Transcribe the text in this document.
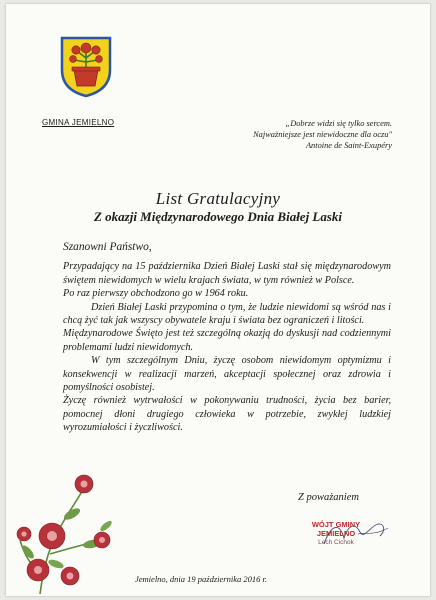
GMINA JEMIELNO	„Dobrze widzi się tylko sercem.
Najważniejsze jest niewidoczne dla oczu"
Antoine de Saint-Exupéry
List Gratulacyjny
Z okazji Międzynarodowego Dnia Białej Laski

Szanowni Państwo,

Przypadający na 15 października Dzień Białej Laski stał się międzynarodowym świętem niewidomych w wielu krajach świata, w tym również w Polsce.

Po raz pierwszy obchodzono go w 1964 roku.

Dzień Białej Laski przypomina o tym, że ludzie niewidomi są wśród nas i chcą żyć tak jak wszyscy obywatele kraju i świata bez ograniczeń i litości.

Międzynarodowe Święto jest też szczególną okazją do dyskusji nad codziennymi problemami ludzi niewidomych.

W tym szczególnym Dniu, życzę osobom niewidomym optymizmu i konsekwencji w realizacji marzeń, akceptacji społecznej oraz zdrowia i pomyślności osobistej.

Życzę również wytrwałości w pokonywaniu trudności, życia bez barier, pomocnej dłoni drugiego człowieka w potrzebie, zwykłej ludzkiej wyrozumiałości i życzliwości.

Z poważaniem
WÓJT GMINY
JEMIELNO
Lech Cichok
Jemielno, dnia 19 października 2016 r.
